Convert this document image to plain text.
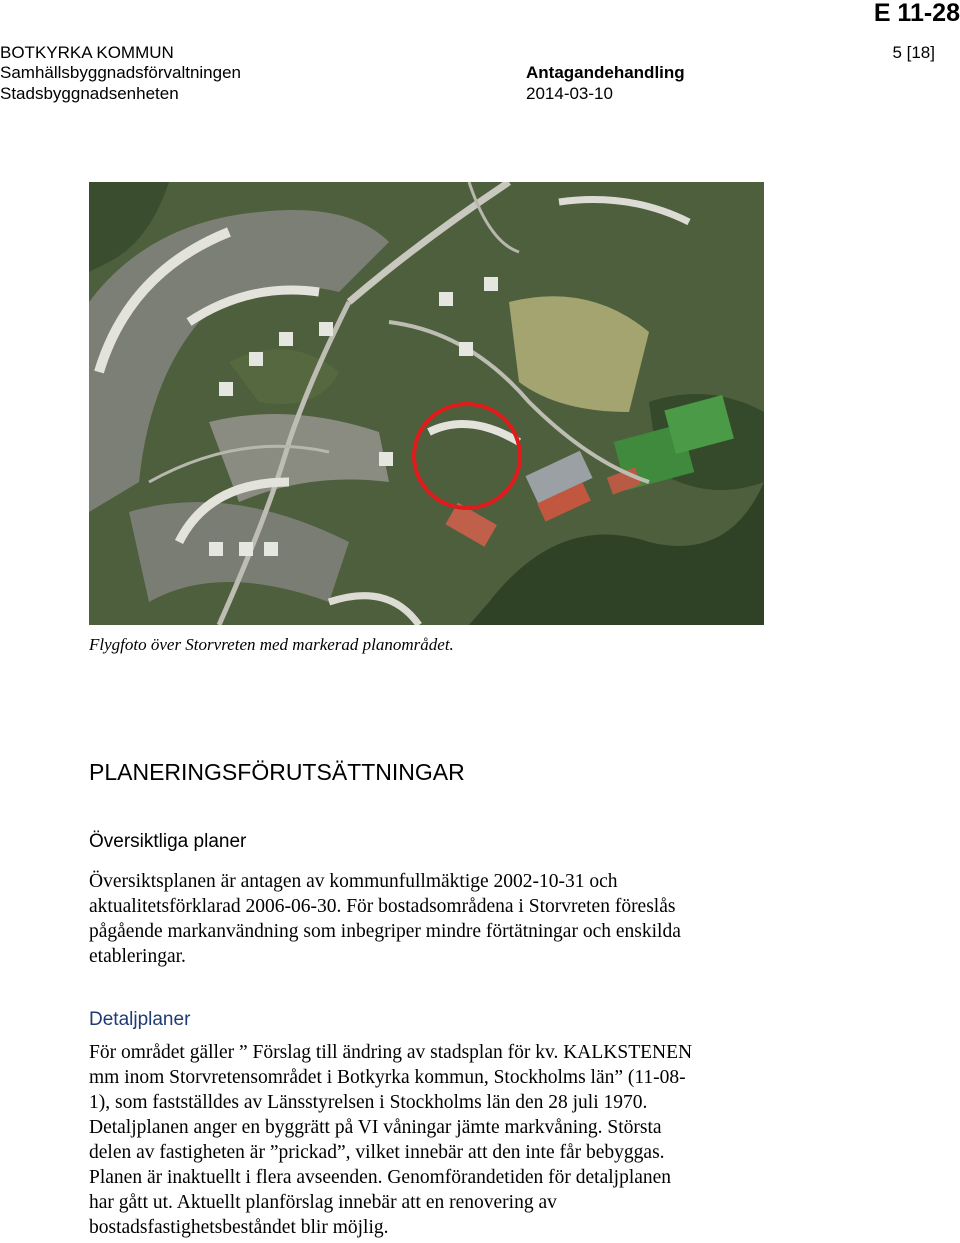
E 11-28
BOTKYRKA KOMMUN
Samhällsbyggnadsförvaltningen
Stadsbyggnadsenheten
Antagandehandling
2014-03-10
5 [18]
Flygfoto över Storvreten med markerad planområdet.
PLANERINGSFÖRUTSÄTTNINGAR
Översiktliga planer
Översiktsplanen är antagen av kommunfullmäktige 2002-10-31 och
aktualitetsförklarad 2006-06-30. För bostadsområdena i Storvreten föreslås
pågående markanvändning som inbegriper mindre förtätningar och enskilda
etableringar.
Detaljplaner
För området gäller ” Förslag till ändring av stadsplan för kv. KALKSTENEN
mm inom Storvretensområdet i Botkyrka kommun, Stockholms län” (11-08-
1), som fastställdes av Länsstyrelsen i Stockholms län den 28 juli 1970.
Detaljplanen anger en byggrätt på VI våningar jämte markvåning. Största
delen av fastigheten är ”prickad”, vilket innebär att den inte får bebyggas.
Planen är inaktuellt i flera avseenden. Genomförandetiden för detaljplanen
har gått ut. Aktuellt planförslag innebär att en renovering av
bostadsfastighetsbeståndet blir möjlig.
